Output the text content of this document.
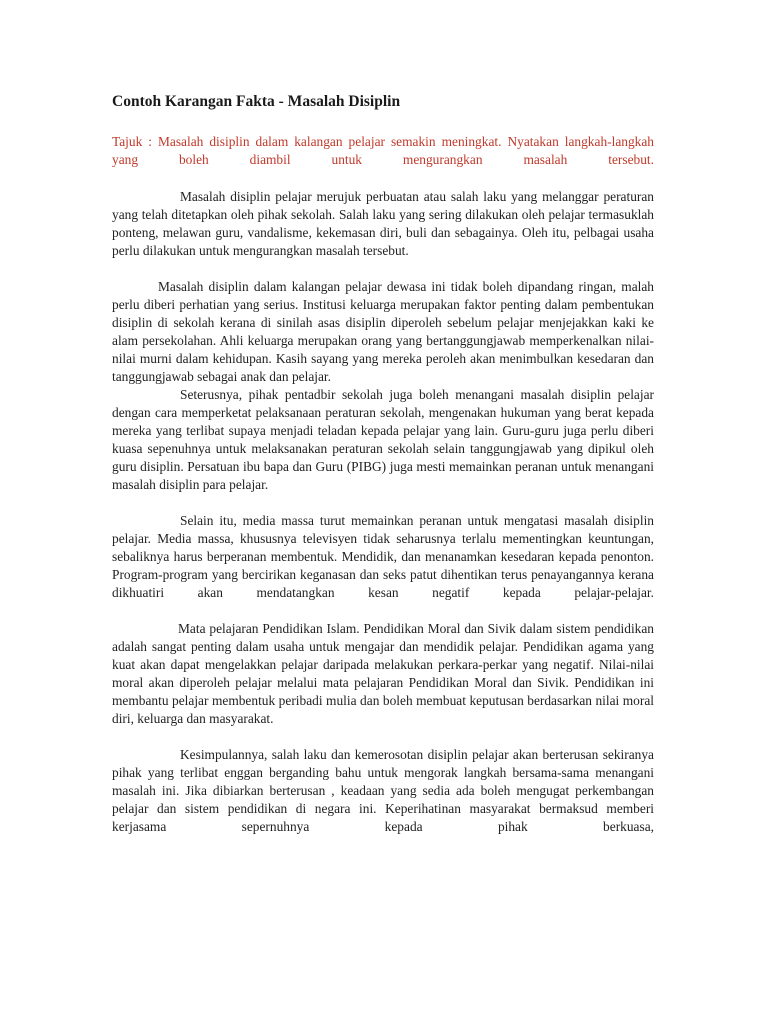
Contoh Karangan Fakta - Masalah Disiplin

Tajuk : Masalah disiplin dalam kalangan pelajar semakin meningkat. Nyatakan langkah-langkah yang boleh diambil untuk mengurangkan masalah tersebut.

Masalah disiplin pelajar merujuk perbuatan atau salah laku yang melanggar peraturan yang telah ditetapkan oleh pihak sekolah. Salah laku yang sering dilakukan oleh pelajar termasuklah ponteng, melawan guru, vandalisme, kekemasan diri, buli dan sebagainya. Oleh itu, pelbagai usaha perlu dilakukan untuk mengurangkan masalah tersebut.

Masalah disiplin dalam kalangan pelajar dewasa ini tidak boleh dipandang ringan, malah perlu diberi perhatian yang serius. Institusi keluarga merupakan faktor penting dalam pembentukan disiplin di sekolah kerana di sinilah asas disiplin diperoleh sebelum pelajar menjejakkan kaki ke alam persekolahan. Ahli keluarga merupakan orang yang bertanggungjawab memperkenalkan nilai-nilai murni dalam kehidupan. Kasih sayang yang mereka peroleh akan menimbulkan kesedaran dan tanggungjawab sebagai anak dan pelajar.

Seterusnya, pihak pentadbir sekolah juga boleh menangani masalah disiplin pelajar dengan cara memperketat pelaksanaan peraturan sekolah, mengenakan hukuman yang berat kepada mereka yang terlibat supaya menjadi teladan kepada pelajar yang lain. Guru-guru juga perlu diberi kuasa sepenuhnya untuk melaksanakan peraturan sekolah selain tanggungjawab yang dipikul oleh guru disiplin. Persatuan ibu bapa dan Guru (PIBG) juga mesti memainkan peranan untuk menangani masalah disiplin para pelajar.

Selain itu, media massa turut memainkan peranan untuk mengatasi masalah disiplin pelajar. Media massa, khususnya televisyen tidak seharusnya terlalu mementingkan keuntungan, sebaliknya harus berperanan membentuk. Mendidik, dan menanamkan kesedaran kepada penonton. Program-program yang bercirikan keganasan dan seks patut dihentikan terus penayangannya kerana dikhuatiri akan mendatangkan kesan negatif kepada pelajar-pelajar.

Mata pelajaran Pendidikan Islam. Pendidikan Moral dan Sivik dalam sistem pendidikan adalah sangat penting dalam usaha untuk mengajar dan mendidik pelajar. Pendidikan agama yang kuat akan dapat mengelakkan pelajar daripada melakukan perkara-perkar yang negatif. Nilai-nilai moral akan diperoleh pelajar melalui mata pelajaran Pendidikan Moral dan Sivik. Pendidikan ini membantu pelajar membentuk peribadi mulia dan boleh membuat keputusan berdasarkan nilai moral diri, keluarga dan masyarakat.

Kesimpulannya, salah laku dan kemerosotan disiplin pelajar akan berterusan sekiranya pihak yang terlibat enggan berganding bahu untuk mengorak langkah bersama-sama menangani masalah ini. Jika dibiarkan berterusan , keadaan yang sedia ada boleh mengugat perkembangan pelajar dan sistem pendidikan di negara ini. Keperihatinan masyarakat bermaksud memberi kerjasama sepernuhnya kepada pihak berkuasa,
